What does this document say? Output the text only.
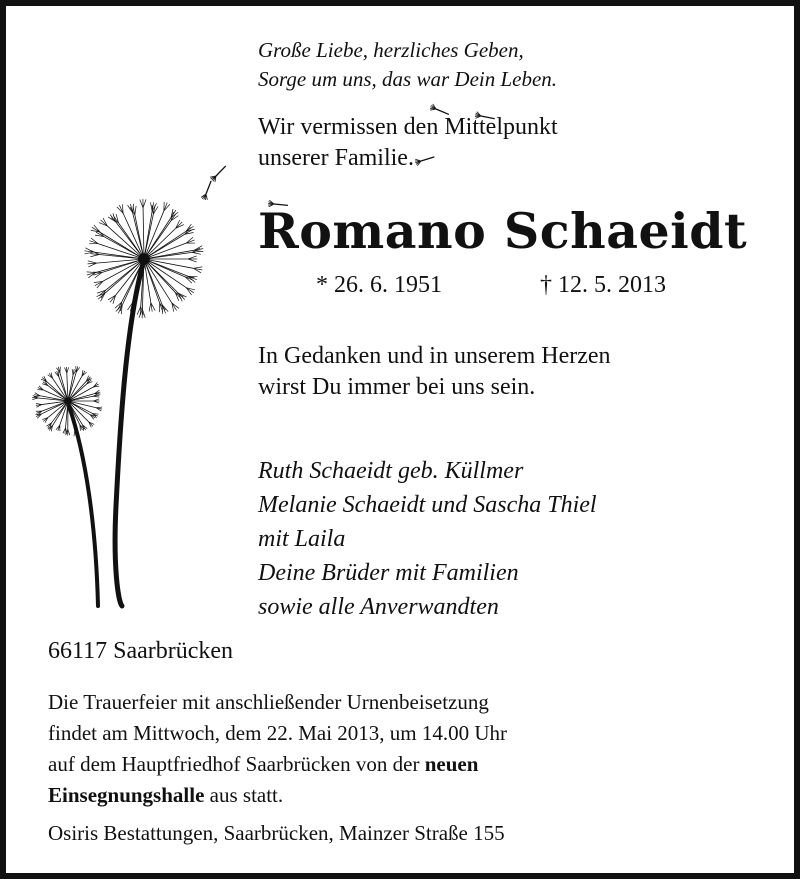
Große Liebe, herzliches Geben,
Sorge um uns, das war Dein Leben.

Wir vermissen den Mittelpunkt
unserer Familie.

Romano Schaeidt
* 26. 6. 1951	† 12. 5. 2013

In Gedanken und in unserem Herzen
wirst Du immer bei uns sein.

Ruth Schaeidt geb. Küllmer
Melanie Schaeidt und Sascha Thiel
mit Laila
Deine Brüder mit Familien
sowie alle Anverwandten

66117 Saarbrücken

Die Trauerfeier mit anschließender Urnenbeisetzung
findet am Mittwoch, dem 22. Mai 2013, um 14.00 Uhr
auf dem Hauptfriedhof Saarbrücken von der neuen
Einsegnungshalle aus statt.

Osiris Bestattungen, Saarbrücken, Mainzer Straße 155
